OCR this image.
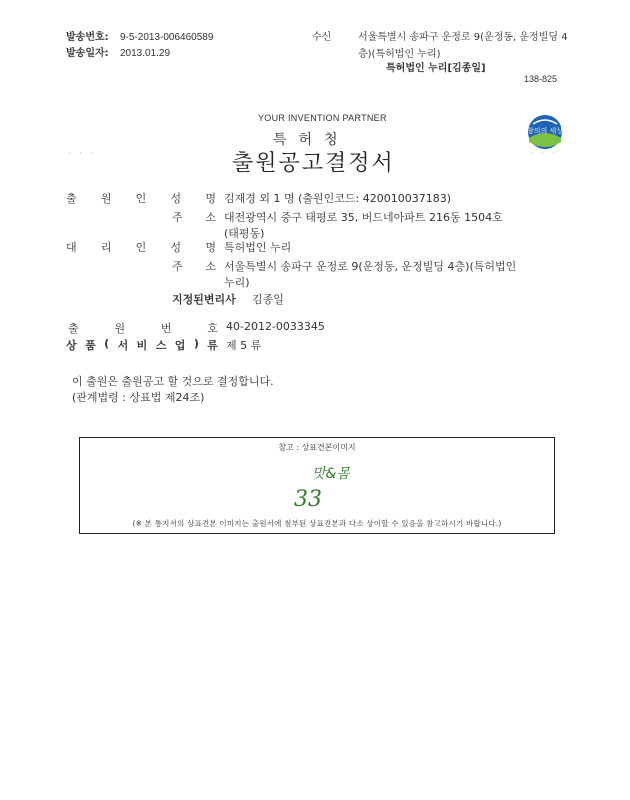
발송번호:	9-5-2013-006460589
발송일자:	2013.01.29
수신	서울특별시 송파구 운정로 9(운정동, 운정빌딩 4층)(특허법인 누리)
특허법인 누리[김종일]
138-825
YOUR INVENTION PARTNER
특허청
출원공고결정서
· · ·	· · ·
창의의 세상
출 원 인 성 명 김재경 외 1 명 (출원인코드: 420010037183)
주 소 대전광역시 중구 태평로 35, 버드네아파트 216동 1504호
(태평동)
대 리 인 성 명 특허법인 누리
주 소 서울특별시 송파구 운정로 9(운정동, 운정빌딩 4층)(특허법인
누리)
지정된변리사 김종일
출	원	번	호 40-2012-0033345
상 품 ( 서 비 스 업 ) 류 제 5 류
이 출원은 출원공고 할 것으로 결정합니다.
(관계법령 : 상표법 제24조)
참고 : 상표견본이미지
맛&몸
33
(※ 본 통지서의 상표견본 이미지는 출원서에 첨부된 상표견본과 다소 상이할 수 있음을 참고하시기 바랍니다.)
